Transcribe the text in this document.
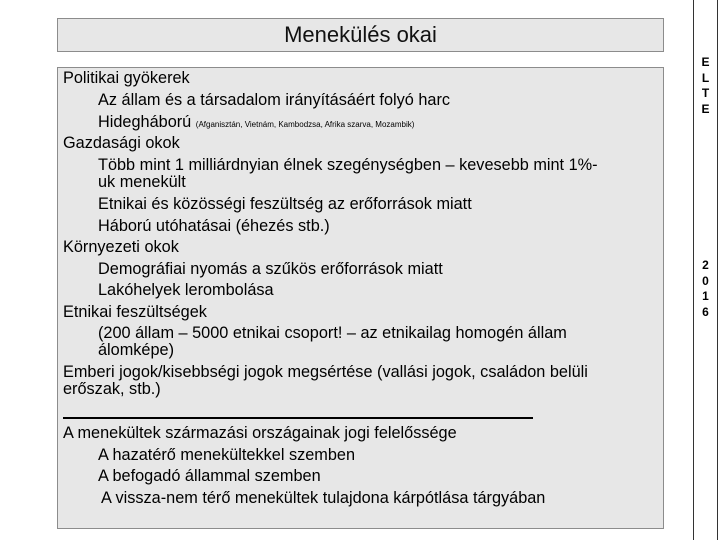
Menekülés okai
Politikai gyökerek
Az állam és a társadalom irányításáért folyó harc
Hidegháború (Afganisztán, Vietnám, Kambodzsa, Afrika szarva, Mozambik)
Gazdasági okok
Több mint 1 milliárdnyian élnek szegénységben – kevesebb mint 1%-
uk menekült
Etnikai és közösségi feszültség az erőforrások miatt
Háború utóhatásai (éhezés stb.)
Környezeti okok
Demográfiai nyomás a szűkös erőforrások miatt
Lakóhelyek lerombolása
Etnikai feszültségek
(200 állam – 5000 etnikai csoport! – az etnikailag homogén állam
álomképe)
Emberi jogok/kisebbségi jogok megsértése (vallási jogok, családon belüli
erőszak, stb.)
A menekültek származási országainak jogi felelőssége
A hazatérő menekültekkel szemben
A befogadó állammal szemben
A vissza-nem térő menekültek tulajdona kárpótlása tárgyában
E
L
T
E
2
0
1
6
